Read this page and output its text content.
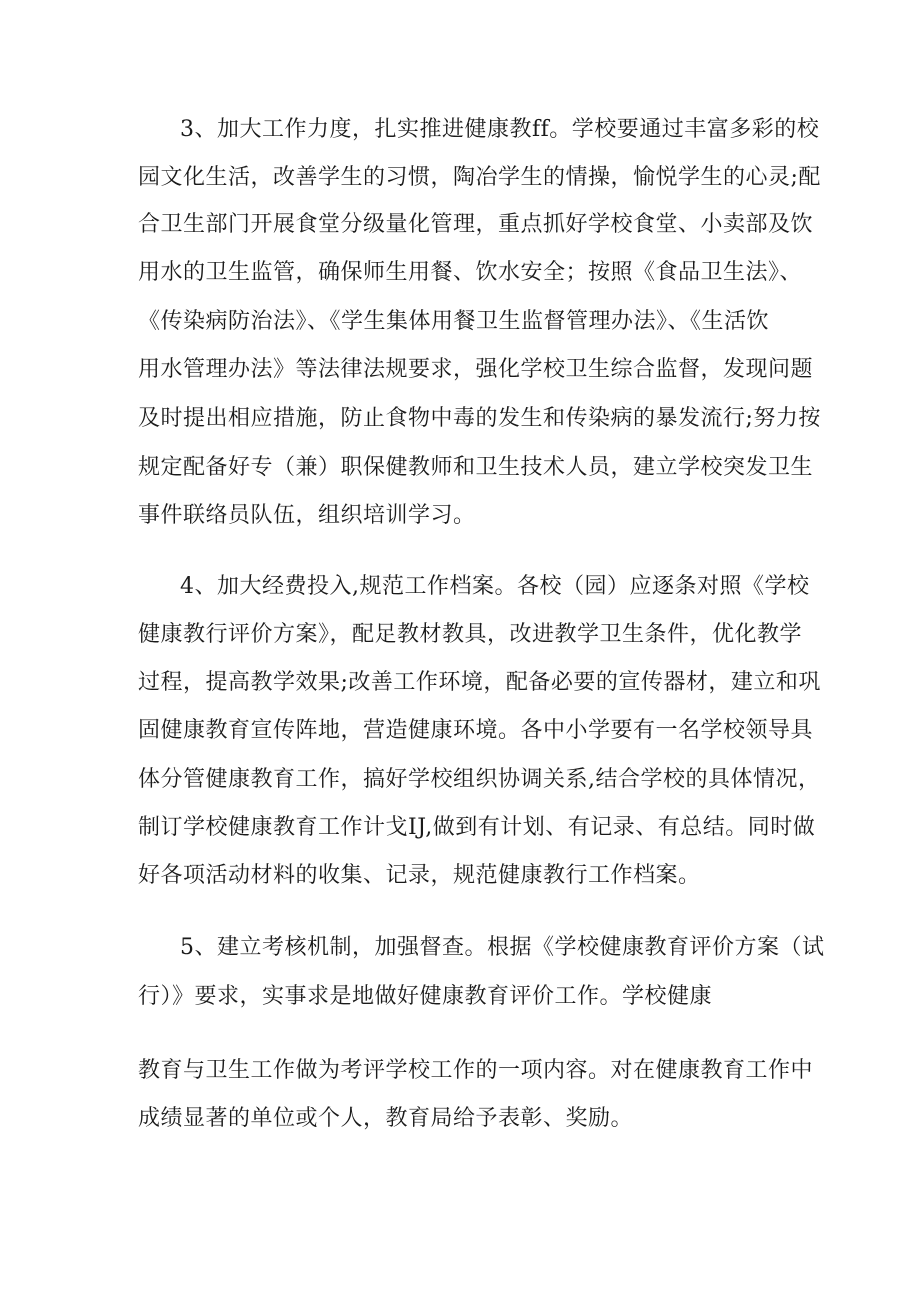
3、加大工作力度，扎实推进健康教ff。学校要通过丰富多彩的校
园文化生活，改善学生的习惯，陶冶学生的情操，愉悦学生的心灵;配
合卫生部门开展食堂分级量化管理，重点抓好学校食堂、小卖部及饮
用水的卫生监管，确保师生用餐、饮水安全；按照《食品卫生法》、
《传染病防治法》、《学生集体用餐卫生监督管理办法》、《生活饮
用水管理办法》等法律法规要求，强化学校卫生综合监督，发现问题
及时提出相应措施，防止食物中毒的发生和传染病的暴发流行;努力按
规定配备好专（兼）职保健教师和卫生技术人员，建立学校突发卫生
事件联络员队伍，组织培训学习。
4、加大经费投入,规范工作档案。各校（园）应逐条对照《学校
健康教行评价方案》，配足教材教具，改进教学卫生条件，优化教学
过程，提高教学效果;改善工作环境，配备必要的宣传器材，建立和巩
固健康教育宣传阵地，营造健康环境。各中小学要有一名学校领导具
体分管健康教育工作，搞好学校组织协调关系,结合学校的具体情况，
制订学校健康教育工作计戈IJ,做到有计划、有记录、有总结。同时做
好各项活动材料的收集、记录，规范健康教行工作档案。
5、建立考核机制，加强督查。根据《学校健康教育评价方案（试
行）》要求，实事求是地做好健康教育评价工作。学校健康
教育与卫生工作做为考评学校工作的一项内容。对在健康教育工作中
成绩显著的单位或个人，教育局给予表彰、奖励。
